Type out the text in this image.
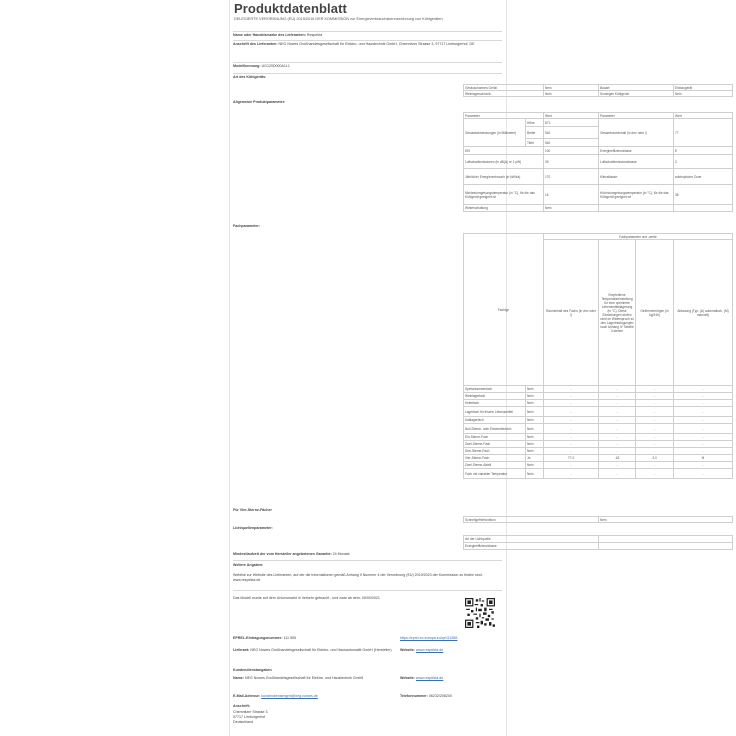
Produktdatenblatt
DELEGIERTE VERORDNUNG (EU) 2019/2016 DER KOMMISSION zur Energieverbrauchskennzeichnung von Kühlgeräten
Name oder Handelsmarke des Lieferanten: Respekta
Anschrift des Lieferanten: NEG Nowes Großhandelsgesellschaft für Elektro- und Haustechnik GmbH, Chemnitzer Strasse 3, 97717 Limburgerhof, DE
Modellkennung: UG120D000A1L1
Art des Kühlgeräts:
Geräuscharmes Gerät:	Nein	Bauart:	Einbaugerät
Weinlagerschrank:	Nein	Sonstiges Kühlgerät:	Nein
Allgemeine Produktparameter:
Parameter		Wert	Parameter	Wert
Gesamtabmessungen (in Millimeter)	Höhe	871	Gesamtrauminhalt (in dm³ oder l)	77
	Breite	540		
	Tiefe	540		
EEI		100	Energieeffizienzklasse	E
Luftschallemissionen (in dB(A) re 1 pW)		39	Luftschallemissionsklasse	C
Jährlicher Energieverbrauch (in kWh/a)		170	Klimaklasse:	subtropische Zone
Mindestumgebungstemperatur (in °C), für die das Kühlgerät geeignet ist		16	Höchstumgebungstemperatur (in °C), für die das Kühlgerät geeignet ist	38
Winterschaltung		Nein		
Fachparameter:
Fachtyp		Fachparameter und -werte			
		Rauminhalt des Fachs (in dm³ oder l)	Empfohlene Temperatureinstellung für eine optimierte Lebensmittellagerung (in °C). Diese Einstellungen dürfen nicht im Widerspruch zu den Lagerbedingungen nach Anhang IV Tabelle 3 stehen	Gefriervermögen (in kg/24h)	Abtauung (Typ: (A) automatisch, (M) manuell)
Speisekammerfach	Nein	-	-	-	-
Weinlagerfach	Nein	-	-	-	-
Kellerfach	Nein	-	-	-	-
Lagerfach für frische Lebensmittel	Nein	-	-	-	-
Kaltlagerfach	Nein	-	-	-	-
Null-Sterne- oder Eisbereiterfach	Nein	-	-	-	-
Ein-Sterne-Fach	Nein	-	-	-	-
Zwei-Sterne-Fach	Nein	-	-	-	-
Drei-Sterne-Fach	Nein	-	-	-	-
Vier-Sterne-Fach	Ja	77,0	-18	3,0	M
Zwei-Sterne-Abteil	Nein	-	-	-	-
Fach mit variabler Temperatur	Nein	-	-	-	-
Für Vier-Sterne-Fächer
Schnellgefrierfunktion	Nein
Lichtquellenparameter:
Art der Lichtquelle	
Energieeffizienzklasse	
Mindestlaufzeit der vom Hersteller angebotenen Garantie: 24 Monate
Weitere Angaben:
Weblink zur Website des Lieferanten, auf der die Informationen gemäß Anhang II Nummer 4 der Verordnung (EU) 2019/2023 der Kommission zu finden sind: www.respekta.de
Das Modell wurde auf dem Unionsmarkt in Verkehr gebracht - und zwar ab dem: 00/00/2021
EPREL-Eintragungsnummer: 111 555	https://eprel.ec.europa.eu/qr/111555
Lieferant: NEG Nowes Großhandelsgesellschaft für Elektro- und Hausautomatik GmbH (Hersteller)	Website: www.respekta.de
Kundendienstangaben
Name: NEG Nowes Großhandelsgesellschaft für Elektro- und Haustechnik GmbH	Website: www.respekta.de
E-Mail-Adresse: kundendienstmgmt@neg-nowes.de	Telefonnummer: 06232/208200
Anschrift:
Chemnitzer Strasse 3
97717 Limburgerhof
Deutschland
